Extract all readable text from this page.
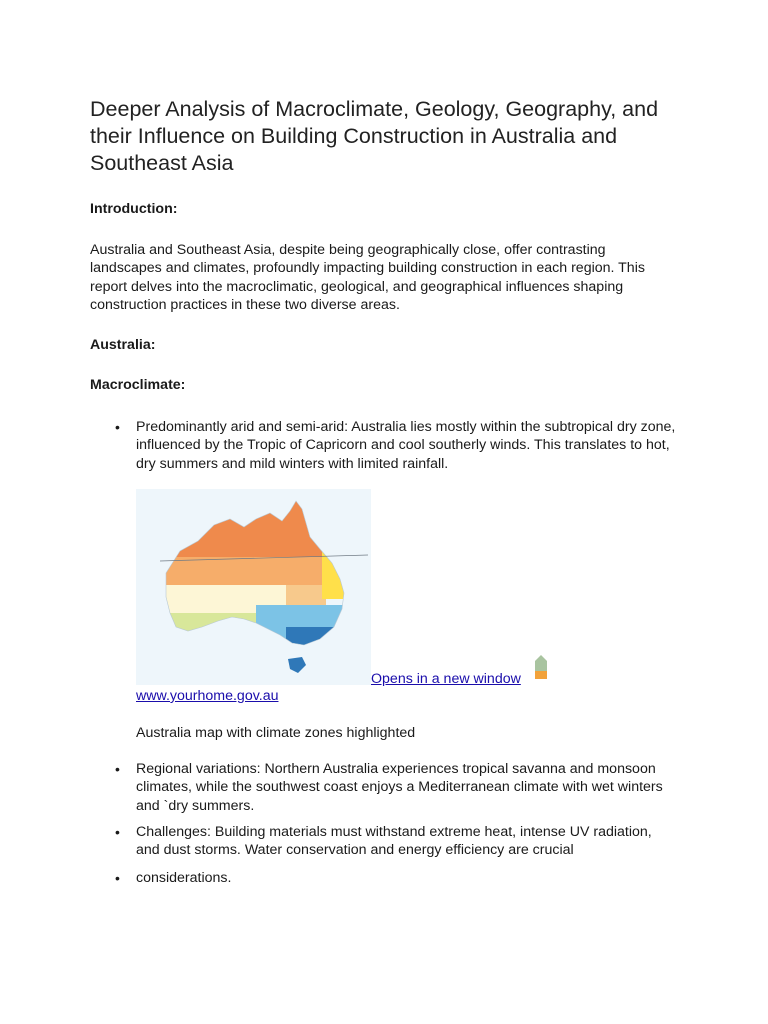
Deeper Analysis of Macroclimate, Geology, Geography, and their Influence on Building Construction in Australia and Southeast Asia

Introduction:

Australia and Southeast Asia, despite being geographically close, offer contrasting landscapes and climates, profoundly impacting building construction in each region. This report delves into the macroclimatic, geological, and geographical influences shaping construction practices in these two diverse areas.

Australia:

Macroclimate:

• Predominantly arid and semi-arid: Australia lies mostly within the subtropical dry zone, influenced by the Tropic of Capricorn and cool southerly winds. This translates to hot, dry summers and mild winters with limited rainfall.

Opens in a new window
www.yourhome.gov.au
Australia map with climate zones highlighted
• Regional variations: Northern Australia experiences tropical savanna and monsoon climates, while the southwest coast enjoys a Mediterranean climate with wet winters and `dry summers.

• Challenges: Building materials must withstand extreme heat, intense UV radiation, and dust storms. Water conservation and energy efficiency are crucial

• considerations.
